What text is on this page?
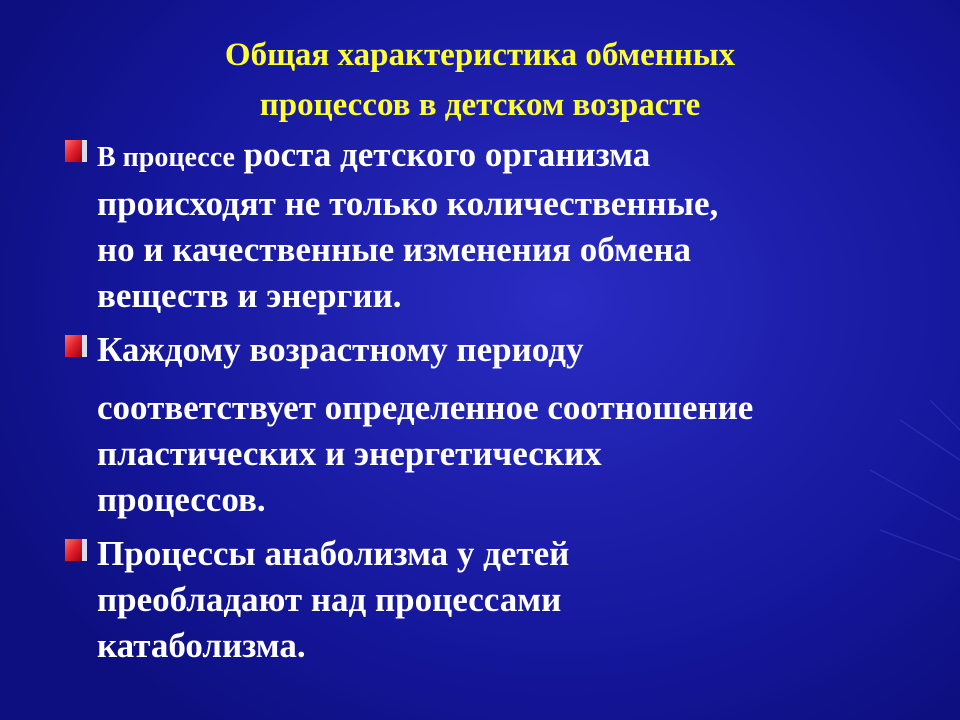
Общая характеристика обменных
процессов в детском возрасте
В процессе роста детского организма
происходят не только количественные,
но и качественные изменения обмена
веществ и энергии.
Каждому возрастному периоду
соответствует определенное соотношение
пластических и энергетических
процессов.
Процессы анаболизма у детей
преобладают над процессами
катаболизма.
